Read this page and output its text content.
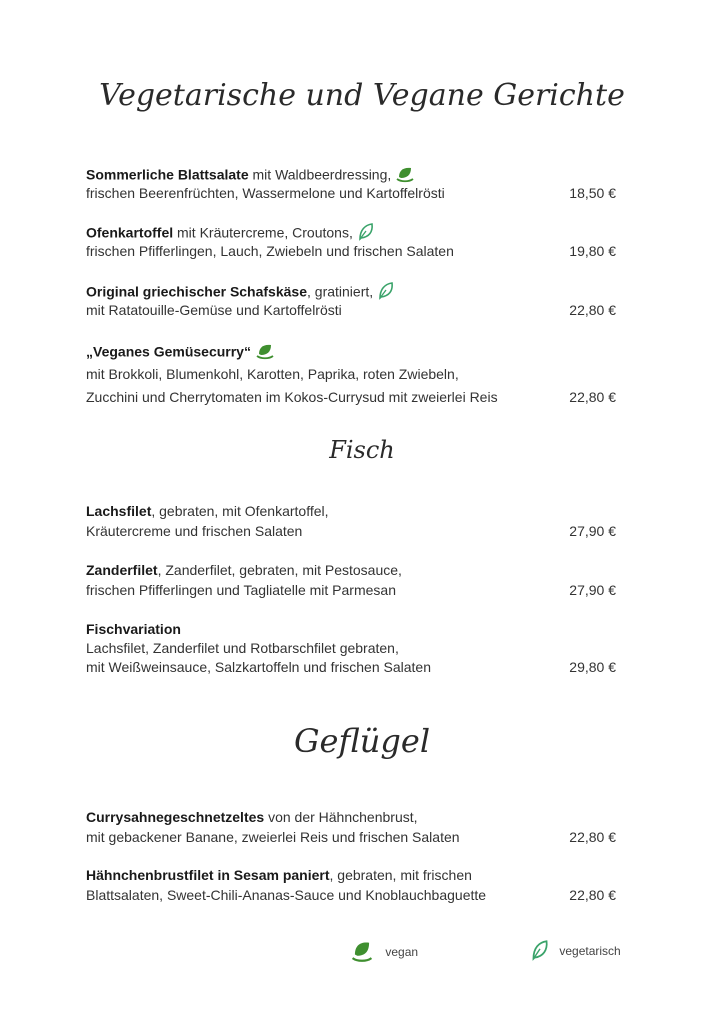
Vegetarische und Vegane Gerichte
Fisch
Geflügel
Sommerliche Blattsalate mit Waldbeerdressing,
frischen Beerenfrüchten, Wassermelone und Kartoffelrösti	18,50 €
Ofenkartoffel mit Kräutercreme, Croutons,
frischen Pfifferlingen, Lauch, Zwiebeln und frischen Salaten	19,80 €
Original griechischer Schafskäse, gratiniert,
mit Ratatouille-Gemüse und Kartoffelrösti	22,80 €
„Veganes Gemüsecurry“
mit Brokkoli, Blumenkohl, Karotten, Paprika, roten Zwiebeln,
Zucchini und Cherrytomaten im Kokos-Currysud mit zweierlei Reis	22,80 €
Lachsfilet, gebraten, mit Ofenkartoffel,
Kräutercreme und frischen Salaten	27,90 €
Zanderfilet, Zanderfilet, gebraten, mit Pestosauce,
frischen Pfifferlingen und Tagliatelle mit Parmesan	27,90 €
Fischvariation
Lachsfilet, Zanderfilet und Rotbarschfilet gebraten,
mit Weißweinsauce, Salzkartoffeln und frischen Salaten	29,80 €
Currysahnegeschnetzeltes von der Hähnchenbrust,
mit gebackener Banane, zweierlei Reis und frischen Salaten	22,80 €
Hähnchenbrustfilet in Sesam paniert, gebraten, mit frischen
Blattsalaten, Sweet-Chili-Ananas-Sauce und Knoblauchbaguette	22,80 €
vegan	vegetarisch
